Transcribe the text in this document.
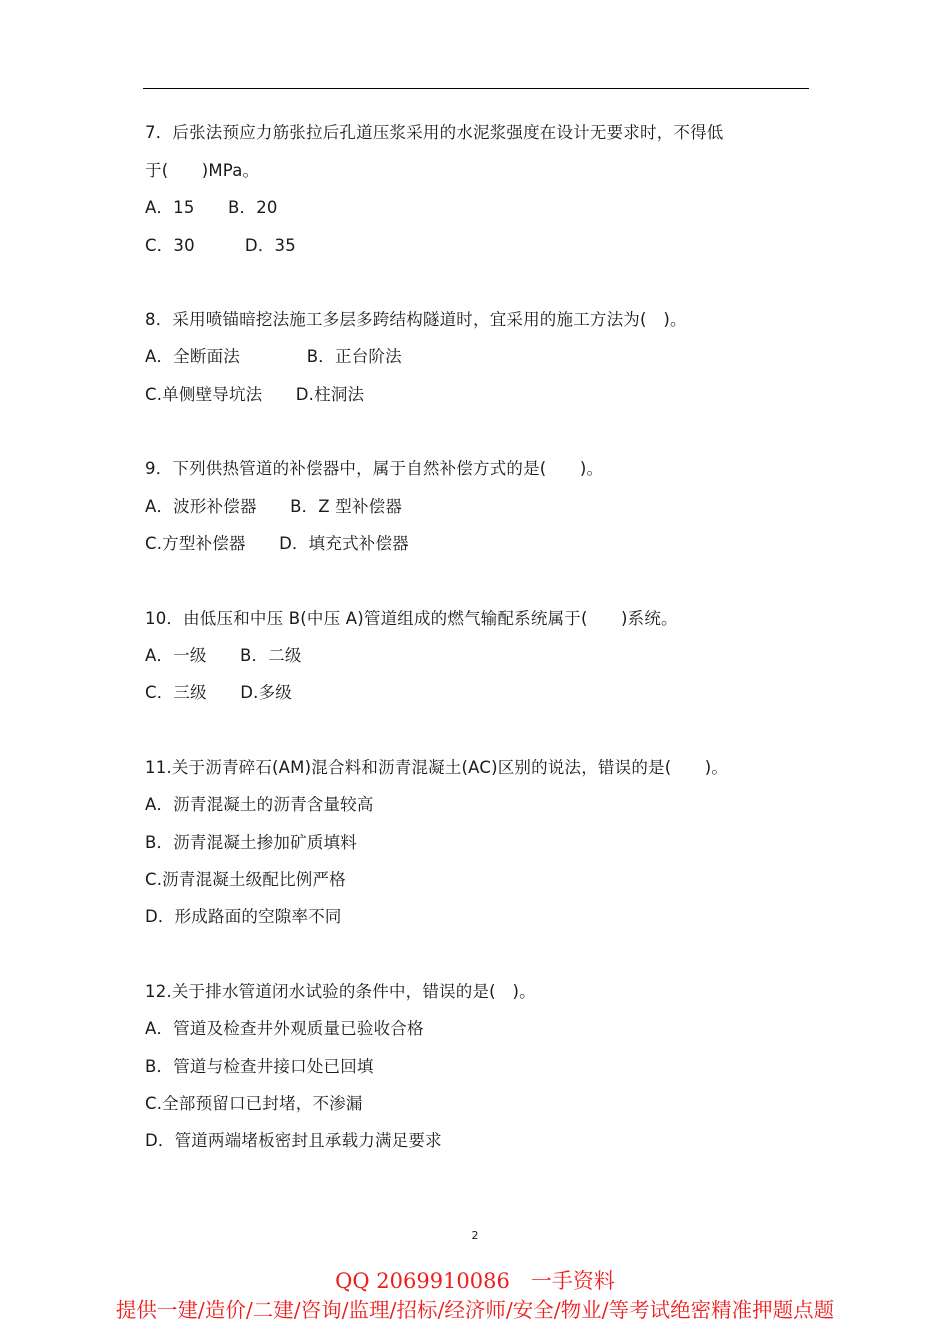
7．后张法预应力筋张拉后孔道压浆采用的水泥浆强度在设计无要求时，不得低
于(　　)MPa。
A．15　　B．20
C．30　　　D．35
8．采用喷锚暗挖法施工多层多跨结构隧道时，宜采用的施工方法为(　)。
A．全断面法　　　　B．正台阶法
C.单侧壁导坑法　　D.柱洞法
9．下列供热管道的补偿器中，属于自然补偿方式的是(　　)。
A．波形补偿器　　B．Z 型补偿器
C.方型补偿器　　D．填充式补偿器
10．由低压和中压 B(中压 A)管道组成的燃气输配系统属于(　　)系统。
A．一级　　B．二级
C．三级　　D.多级
11.关于沥青碎石(AM)混合料和沥青混凝土(AC)区别的说法，错误的是(　　)。
A．沥青混凝土的沥青含量较高
B．沥青混凝土掺加矿质填料
C.沥青混凝土级配比例严格
D．形成路面的空隙率不同
12.关于排水管道闭水试验的条件中，错误的是(　)。
A．管道及检查井外观质量已验收合格
B．管道与检查井接口处已回填
C.全部预留口已封堵，不渗漏
D．管道两端堵板密封且承载力满足要求
2
QQ 2069910086　一手资料
提供一建/造价/二建/咨询/监理/招标/经济师/安全/物业/等考试绝密精准押题点题
